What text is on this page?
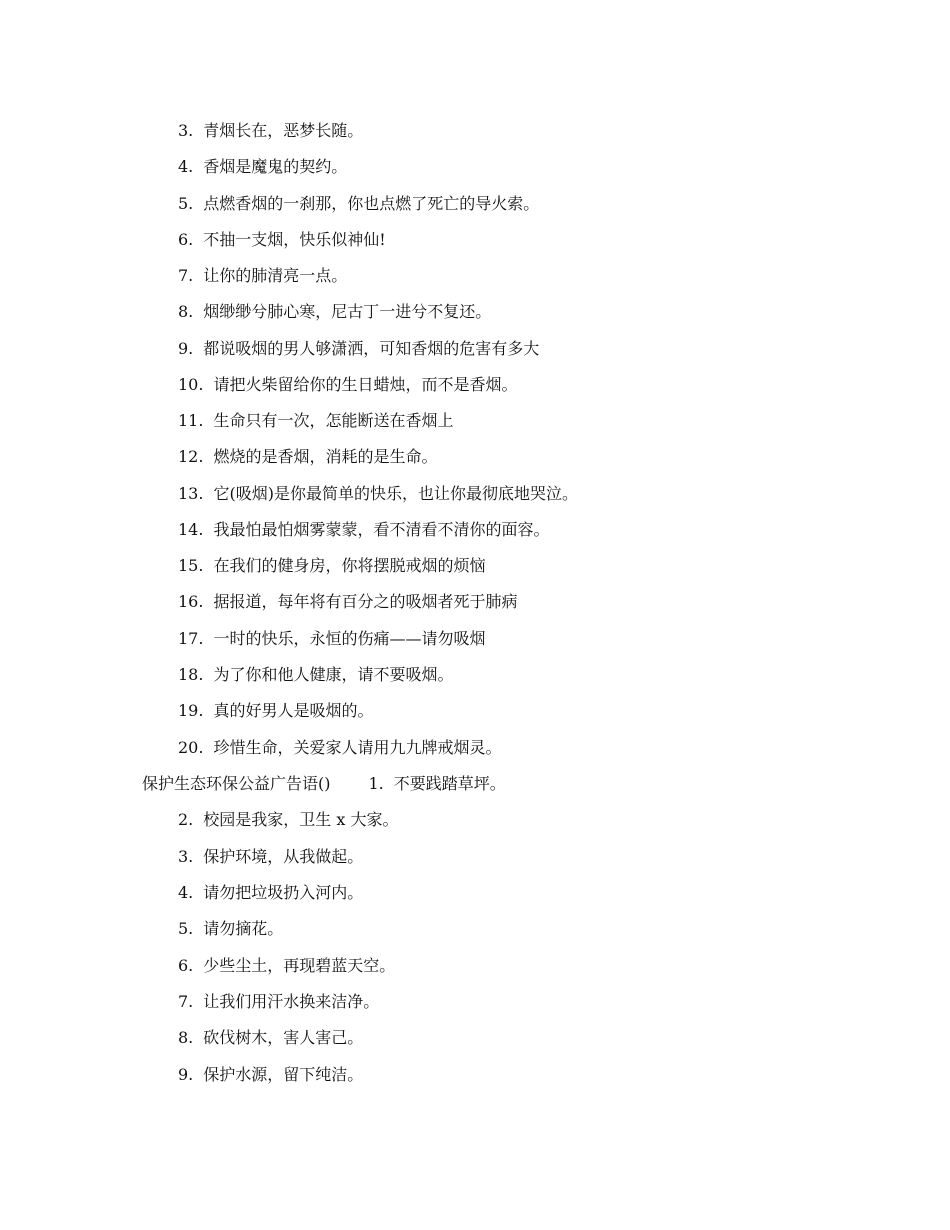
3. 青烟长在，恶梦长随。
4. 香烟是魔鬼的契约。
5. 点燃香烟的一刹那，你也点燃了死亡的导火索。
6. 不抽一支烟，快乐似神仙!
7. 让你的肺清亮一点。
8. 烟缈缈兮肺心寒，尼古丁一进兮不复还。
9. 都说吸烟的男人够潇洒，可知香烟的危害有多大
10. 请把火柴留给你的生日蜡烛，而不是香烟。
11. 生命只有一次，怎能断送在香烟上
12. 燃烧的是香烟，消耗的是生命。
13. 它(吸烟)是你最简单的快乐，也让你最彻底地哭泣。
14. 我最怕最怕烟雾蒙蒙，看不清看不清你的面容。
15. 在我们的健身房，你将摆脱戒烟的烦恼
16. 据报道，每年将有百分之的吸烟者死于肺病
17. 一时的快乐，永恒的伤痛——请勿吸烟
18. 为了你和他人健康，请不要吸烟。
19. 真的好男人是吸烟的。
20. 珍惜生命，关爱家人请用九九牌戒烟灵。
保护生态环保公益广告语() 1. 不要践踏草坪。
2. 校园是我家，卫生 x 大家。
3. 保护环境，从我做起。
4. 请勿把垃圾扔入河内。
5. 请勿摘花。
6. 少些尘土，再现碧蓝天空。
7. 让我们用汗水换来洁净。
8. 砍伐树木，害人害己。
9. 保护水源，留下纯洁。
